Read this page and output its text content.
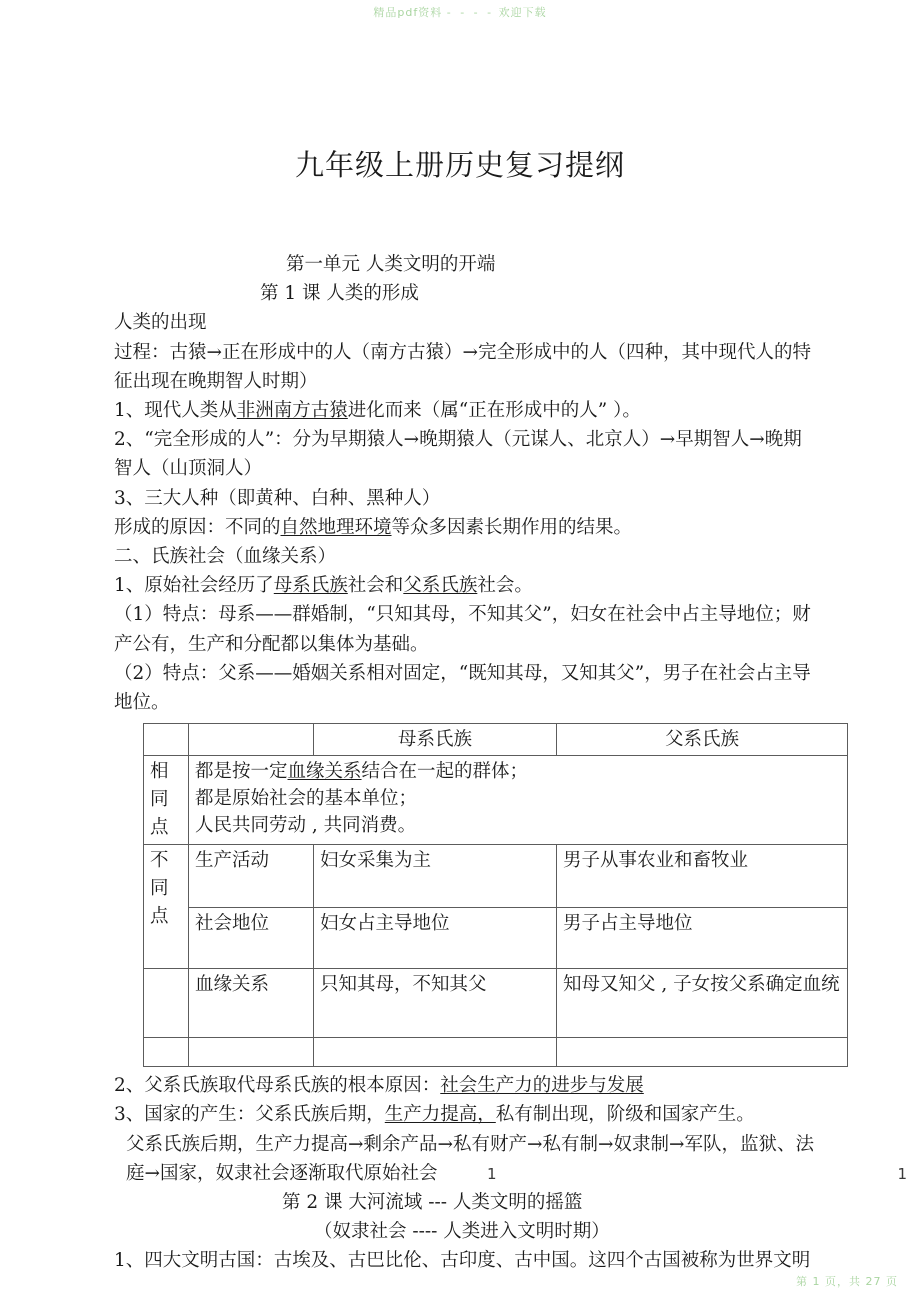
精品pdf资料 - - - - 欢迎下载
九年级上册历史复习提纲
第一单元 人类文明的开端
第 1 课 人类的形成
人类的出现
过程：古猿→正在形成中的人（南方古猿）→完全形成中的人（四种，其中现代人的特征出现在晚期智人时期）
1、现代人类从非洲南方古猿进化而来（属“正在形成中的人” ）。
2、“完全形成的人”：分为早期猿人→晚期猿人（元谋人、北京人）→早期智人→晚期智人（山顶洞人）
3、三大人种（即黄种、白种、黑种人）
形成的原因：不同的自然地理环境等众多因素长期作用的结果。
二、氏族社会（血缘关系）
1、原始社会经历了母系氏族社会和父系氏族社会。
（1）特点：母系——群婚制，“只知其母，不知其父”，妇女在社会中占主导地位；财产公有，生产和分配都以集体为基础。
（2）特点：父系——婚姻关系相对固定，“既知其母，又知其父”，男子在社会占主导地位。
		母系氏族	父系氏族
相同点	都是按一定血缘关系结合在一起的群体；
都是原始社会的基本单位；
人民共同劳动 , 共同消费。		

不同点	生产活动	妇女采集为主	男子从事农业和畜牧业
	社会地位	妇女占主导地位	男子占主导地位
	血缘关系	只知其母，不知其父	知母又知父 , 子女按父系确定血统

2、父系氏族取代母系氏族的根本原因：社会生产力的进步与发展
3、国家的产生：父系氏族后期，生产力提高，私有制出现，阶级和国家产生。
父系氏族后期，生产力提高→剩余产品→私有财产→私有制→奴隶制→军队，监狱、法庭→国家，奴隶社会逐渐取代原始社会
第 2 课 大河流域 --- 人类文明的摇篮
（奴隶社会 ---- 人类进入文明时期）
1、四大文明古国：古埃及、古巴比伦、古印度、古中国。这四个古国被称为世界文明
1	1
第 1 页，共 27 页
